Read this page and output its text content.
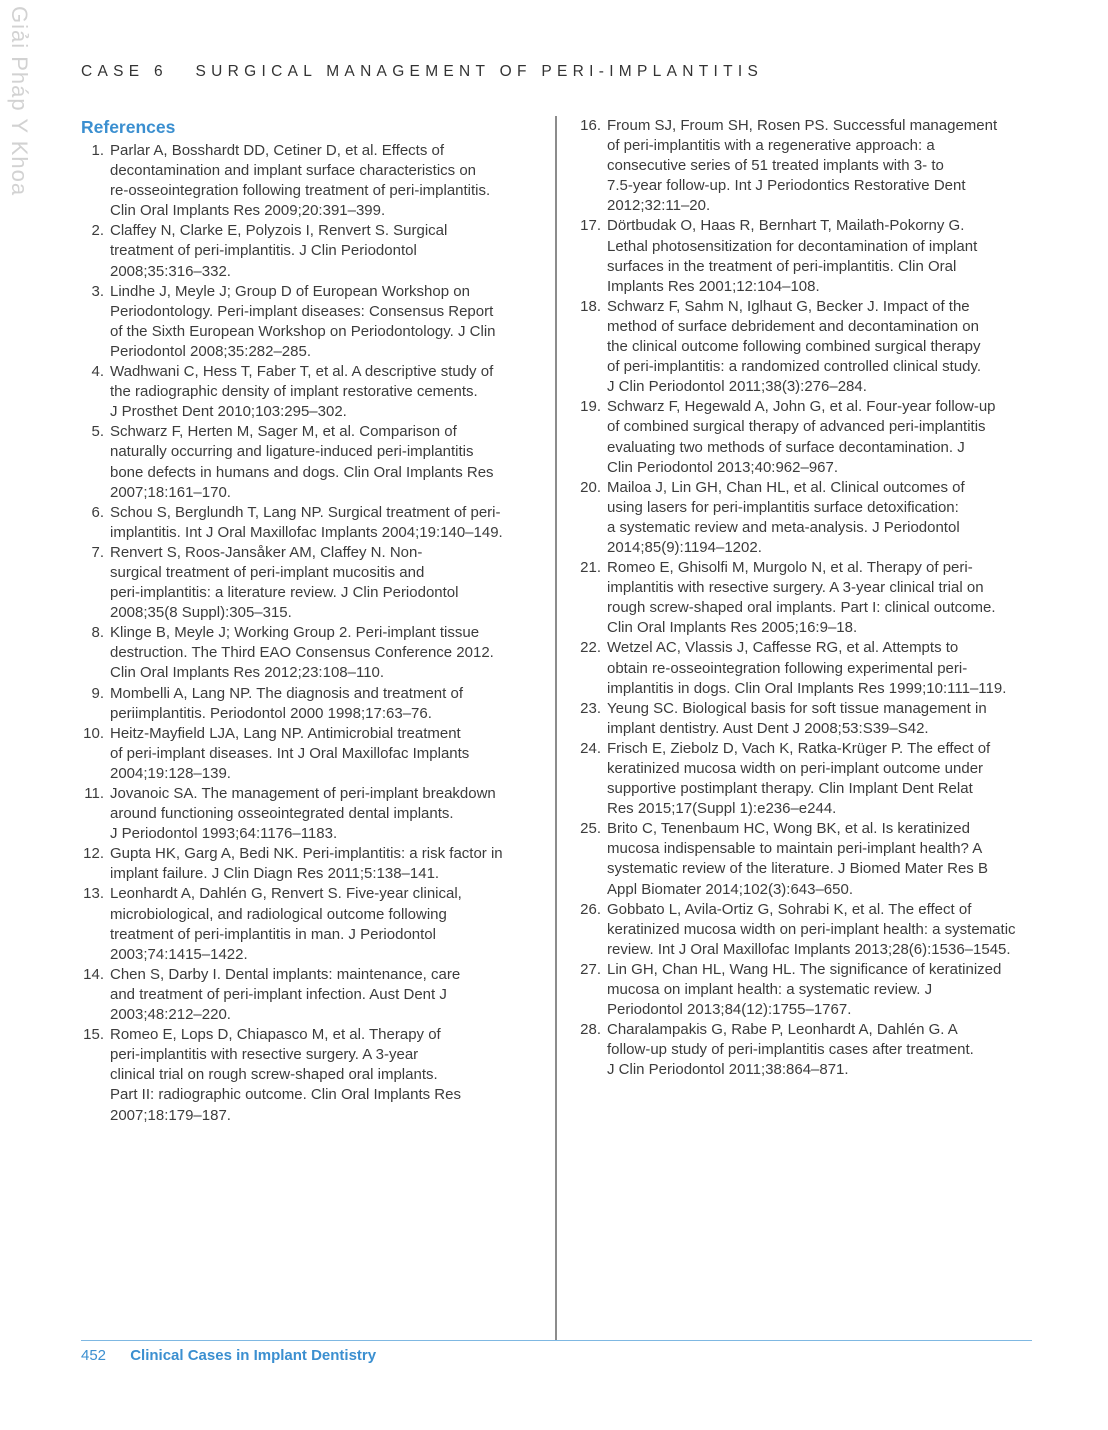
Giải Pháp Y Khoa	CASE 6 SURGICAL MANAGEMENT OF PERI-IMPLANTITIS
References
1. Parlar A, Bosshardt DD, Cetiner D, et al. Effects of
decontamination and implant surface characteristics on
re-osseointegration following treatment of peri-implantitis.
Clin Oral Implants Res 2009;20:391–399.
2. Claffey N, Clarke E, Polyzois I, Renvert S. Surgical
treatment of peri-implantitis. J Clin Periodontol
2008;35:316–332.
3. Lindhe J, Meyle J; Group D of European Workshop on
Periodontology. Peri-implant diseases: Consensus Report
of the Sixth European Workshop on Periodontology. J Clin
Periodontol 2008;35:282–285.
4. Wadhwani C, Hess T, Faber T, et al. A descriptive study of
the radiographic density of implant restorative cements.
J Prosthet Dent 2010;103:295–302.
5. Schwarz F, Herten M, Sager M, et al. Comparison of
naturally occurring and ligature-induced peri-implantitis
bone defects in humans and dogs. Clin Oral Implants Res
2007;18:161–170.
6. Schou S, Berglundh T, Lang NP. Surgical treatment of peri-
implantitis. Int J Oral Maxillofac Implants 2004;19:140–149.
7. Renvert S, Roos-Jansåker AM, Claffey N. Non-
surgical treatment of peri-implant mucositis and
peri-implantitis: a literature review. J Clin Periodontol
2008;35(8 Suppl):305–315.
8. Klinge B, Meyle J; Working Group 2. Peri-implant tissue
destruction. The Third EAO Consensus Conference 2012.
Clin Oral Implants Res 2012;23:108–110.
9. Mombelli A, Lang NP. The diagnosis and treatment of
periimplantitis. Periodontol 2000 1998;17:63–76.
10. Heitz-Mayfield LJA, Lang NP. Antimicrobial treatment
of peri-implant diseases. Int J Oral Maxillofac Implants
2004;19:128–139.
11. Jovanoic SA. The management of peri-implant breakdown
around functioning osseointegrated dental implants.
J Periodontol 1993;64:1176–1183.
12. Gupta HK, Garg A, Bedi NK. Peri-implantitis: a risk factor in
implant failure. J Clin Diagn Res 2011;5:138–141.
13. Leonhardt A, Dahlén G, Renvert S. Five-year clinical,
microbiological, and radiological outcome following
treatment of peri-implantitis in man. J Periodontol
2003;74:1415–1422.
14. Chen S, Darby I. Dental implants: maintenance, care
and treatment of peri-implant infection. Aust Dent J
2003;48:212–220.
15. Romeo E, Lops D, Chiapasco M, et al. Therapy of
peri-implantitis with resective surgery. A 3-year
clinical trial on rough screw-shaped oral implants.
Part II: radiographic outcome. Clin Oral Implants Res
2007;18:179–187.
16. Froum SJ, Froum SH, Rosen PS. Successful management
of peri-implantitis with a regenerative approach: a
consecutive series of 51 treated implants with 3- to
7.5-year follow-up. Int J Periodontics Restorative Dent
2012;32:11–20.
17. Dörtbudak O, Haas R, Bernhart T, Mailath-Pokorny G.
Lethal photosensitization for decontamination of implant
surfaces in the treatment of peri-implantitis. Clin Oral
Implants Res 2001;12:104–108.
18. Schwarz F, Sahm N, Iglhaut G, Becker J. Impact of the
method of surface debridement and decontamination on
the clinical outcome following combined surgical therapy
of peri-implantitis: a randomized controlled clinical study.
J Clin Periodontol 2011;38(3):276–284.
19. Schwarz F, Hegewald A, John G, et al. Four-year follow-up
of combined surgical therapy of advanced peri-implantitis
evaluating two methods of surface decontamination. J
Clin Periodontol 2013;40:962–967.
20. Mailoa J, Lin GH, Chan HL, et al. Clinical outcomes of
using lasers for peri-implantitis surface detoxification:
a systematic review and meta-analysis. J Periodontol
2014;85(9):1194–1202.
21. Romeo E, Ghisolfi M, Murgolo N, et al. Therapy of peri-
implantitis with resective surgery. A 3-year clinical trial on
rough screw-shaped oral implants. Part I: clinical outcome.
Clin Oral Implants Res 2005;16:9–18.
22. Wetzel AC, Vlassis J, Caffesse RG, et al. Attempts to
obtain re-osseointegration following experimental peri-
implantitis in dogs. Clin Oral Implants Res 1999;10:111–119.
23. Yeung SC. Biological basis for soft tissue management in
implant dentistry. Aust Dent J 2008;53:S39–S42.
24. Frisch E, Ziebolz D, Vach K, Ratka-Krüger P. The effect of
keratinized mucosa width on peri-implant outcome under
supportive postimplant therapy. Clin Implant Dent Relat
Res 2015;17(Suppl 1):e236–e244.
25. Brito C, Tenenbaum HC, Wong BK, et al. Is keratinized
mucosa indispensable to maintain peri-implant health? A
systematic review of the literature. J Biomed Mater Res B
Appl Biomater 2014;102(3):643–650.
26. Gobbato L, Avila-Ortiz G, Sohrabi K, et al. The effect of
keratinized mucosa width on peri-implant health: a systematic
review. Int J Oral Maxillofac Implants 2013;28(6):1536–1545.
27. Lin GH, Chan HL, Wang HL. The significance of keratinized
mucosa on implant health: a systematic review. J
Periodontol 2013;84(12):1755–1767.
28. Charalampakis G, Rabe P, Leonhardt A, Dahlén G. A
follow-up study of peri-implantitis cases after treatment.
J Clin Periodontol 2011;38:864–871.
452 Clinical Cases in Implant Dentistry
